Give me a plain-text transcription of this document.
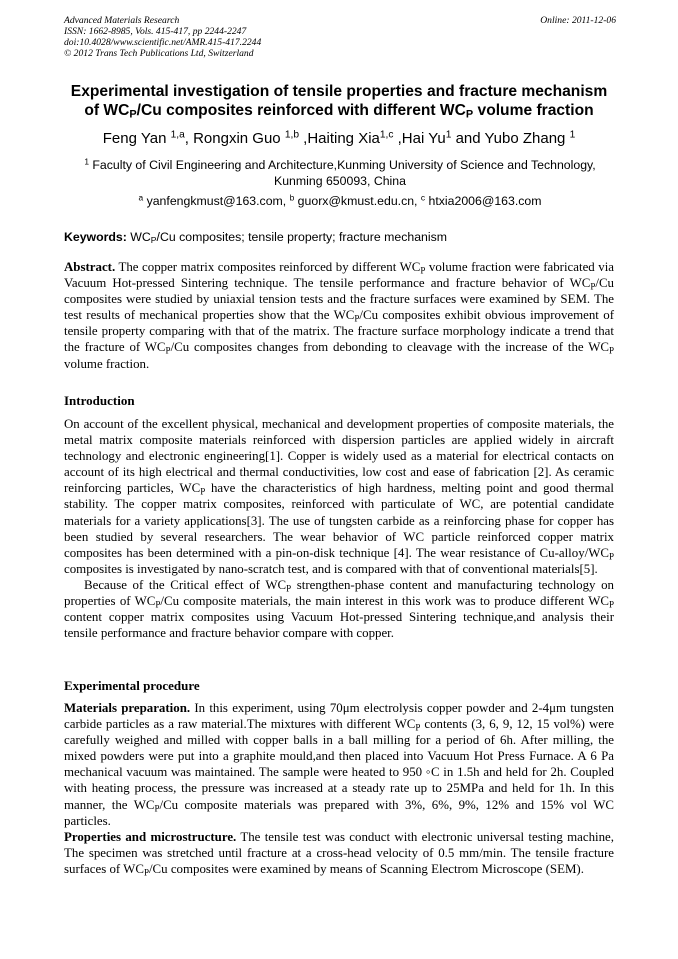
Advanced Materials Research
ISSN: 1662-8985, Vols. 415-417, pp 2244-2247
doi:10.4028/www.scientific.net/AMR.415-417.2244
© 2012 Trans Tech Publications Ltd, Switzerland
Online: 2011-12-06
Experimental investigation of tensile properties and fracture mechanism
of $WC_P/Cu$ composites reinforced with different $WC_P$ volume fraction
Feng Yan $^{1,a}$, Rongxin Guo $^{1,b}$ ,Haiting Xia$^{1,c}$ ,Hai Yu$^1$ and Yubo Zhang $^1$
$^1$ Faculty of Civil Engineering and Architecture,Kunming University of Science and Technology,
Kunming 650093, China
$^a$ yanfengkmust@163.com, $^b$ guorx@kmust.edu.cn, $^c$ htxia2006@163.com
Keywords: $WC_P/Cu$ composites; tensile property; fracture mechanism

Abstract. The copper matrix composites reinforced by different $WC_P$ volume fraction were fabricated via Vacuum Hot-pressed Sintering technique. The tensile performance and fracture behavior of $WC_P/Cu$ composites were studied by uniaxial tension tests and the fracture surfaces were examined by SEM. The test results of mechanical properties show that the $WC_P/Cu$ composites exhibit obvious improvement of tensile property comparing with that of the matrix. The fracture surface morphology indicate a trend that the fracture of $WC_P/Cu$ composites changes from debonding to cleavage with the increase of the $WC_P$ volume fraction.

Introduction

On account of the excellent physical, mechanical and development properties of composite materials, the metal matrix composite materials reinforced with dispersion particles are applied widely in aircraft technology and electronic engineering[1]. Copper is widely used as a material for electrical contacts on account of its high electrical and thermal conductivities, low cost and ease of fabrication [2]. As ceramic reinforcing particles, $WC_P$ have the characteristics of high hardness, melting point and good thermal stability. The copper matrix composites, reinforced with particulate of WC, are potential candidate materials for a variety applications[3]. The use of tungsten carbide as a reinforcing phase for copper has been studied by several researchers. The wear behavior of WC particle reinforced copper matrix composites has been determined with a pin-on-disk technique [4]. The wear resistance of $Cu-alloy/WC_P$ composites is investigated by nano-scratch test, and is compared with that of conventional materials[5].

Because of the Critical effect of $WC_P$ strengthen-phase content and manufacturing technology on properties of $WC_P/Cu$ composite materials, the main interest in this work was to produce different $WC_P$ content copper matrix composites using Vacuum Hot-pressed Sintering technique,and analysis their tensile performance and fracture behavior compare with copper.

Experimental procedure

Materials preparation. In this experiment, using 70μm electrolysis copper powder and 2-4μm tungsten carbide particles as a raw material.The mixtures with different $WC_P$ contents (3, 6, 9, 12, 15 vol%) were carefully weighed and milled with copper balls in a ball milling for a period of 6h. After milling, the mixed powders were put into a graphite mould,and then placed into Vacuum Hot Press Furnace. A 6 Pa mechanical vacuum was maintained. The sample were heated to 950 ◦C in 1.5h and held for 2h. Coupled with heating process, the pressure was increased at a steady rate up to 25MPa and held for 1h. In this manner, the $WC_P/Cu$ composite materials was prepared with 3%, 6%, 9%, 12% and 15% vol WC particles.

Properties and microstructure. The tensile test was conduct with electronic universal testing machine, The specimen was stretched until fracture at a cross-head velocity of 0.5 mm/min. The tensile fracture surfaces of $WC_P/Cu$ composites were examined by means of Scanning Electrom Microscope (SEM).
